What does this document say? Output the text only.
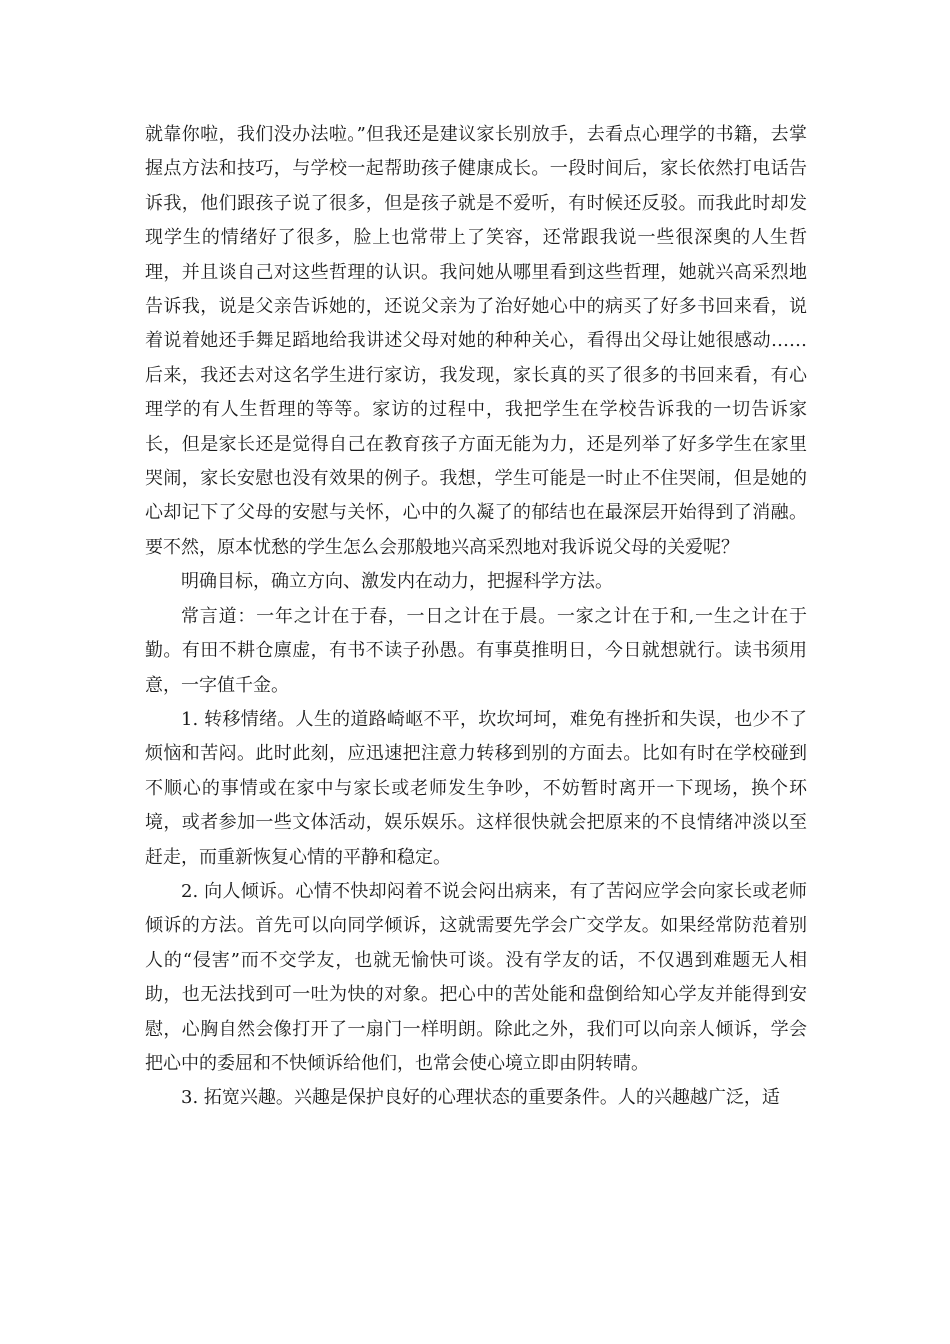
就靠你啦，我们没办法啦。”但我还是建议家长别放手，去看点心理学的书籍，去掌握点方法和技巧，与学校一起帮助孩子健康成长。一段时间后，家长依然打电话告诉我，他们跟孩子说了很多，但是孩子就是不爱听，有时候还反驳。而我此时却发现学生的情绪好了很多，脸上也常带上了笑容，还常跟我说一些很深奥的人生哲理，并且谈自己对这些哲理的认识。我问她从哪里看到这些哲理，她就兴高采烈地告诉我，说是父亲告诉她的，还说父亲为了治好她心中的病买了好多书回来看，说着说着她还手舞足蹈地给我讲述父母对她的种种关心，看得出父母让她很感动……后来，我还去对这名学生进行家访，我发现，家长真的买了很多的书回来看，有心理学的有人生哲理的等等。家访的过程中，我把学生在学校告诉我的一切告诉家长，但是家长还是觉得自己在教育孩子方面无能为力，还是列举了好多学生在家里哭闹，家长安慰也没有效果的例子。我想，学生可能是一时止不住哭闹，但是她的心却记下了父母的安慰与关怀，心中的久凝了的郁结也在最深层开始得到了消融。要不然，原本忧愁的学生怎么会那般地兴高采烈地对我诉说父母的关爱呢？

明确目标，确立方向、激发内在动力，把握科学方法。

常言道：一年之计在于春，一日之计在于晨。一家之计在于和,一生之计在于勤。有田不耕仓廪虚，有书不读子孙愚。有事莫推明日，今日就想就行。读书须用意，一字值千金。

1. 转移情绪。人生的道路崎岖不平，坎坎坷坷，难免有挫折和失误，也少不了烦恼和苦闷。此时此刻，应迅速把注意力转移到别的方面去。比如有时在学校碰到不顺心的事情或在家中与家长或老师发生争吵，不妨暂时离开一下现场，换个环境，或者参加一些文体活动，娱乐娱乐。这样很快就会把原来的不良情绪冲淡以至赶走，而重新恢复心情的平静和稳定。

2. 向人倾诉。心情不快却闷着不说会闷出病来，有了苦闷应学会向家长或老师倾诉的方法。首先可以向同学倾诉，这就需要先学会广交学友。如果经常防范着别人的“侵害”而不交学友，也就无愉快可谈。没有学友的话，不仅遇到难题无人相助，也无法找到可一吐为快的对象。把心中的苦处能和盘倒给知心学友并能得到安慰，心胸自然会像打开了一扇门一样明朗。除此之外，我们可以向亲人倾诉，学会把心中的委屈和不快倾诉给他们，也常会使心境立即由阴转晴。

3. 拓宽兴趣。兴趣是保护良好的心理状态的重要条件。人的兴趣越广泛，适
